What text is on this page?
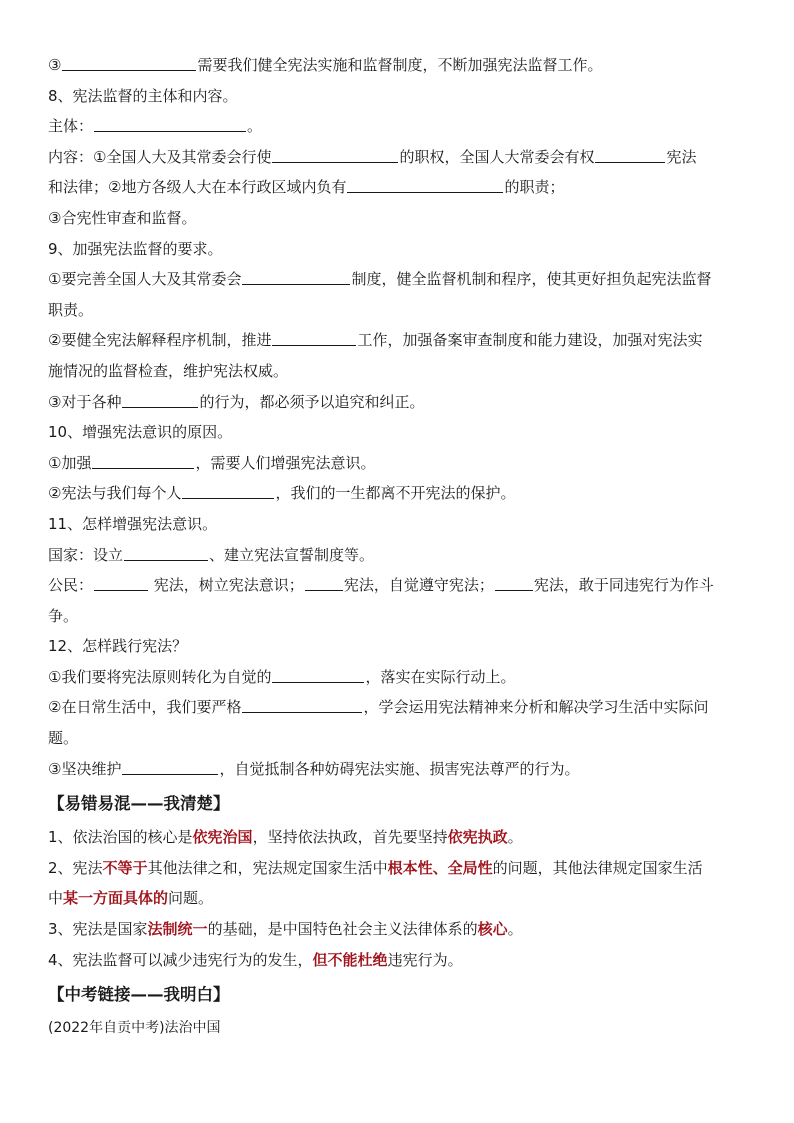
③	需要我们健全宪法实施和监督制度，不断加强宪法监督工作。
8、宪法监督的主体和内容。
主体：	。
内容：①全国人大及其常委会行使	的职权，全国人大常委会有权	宪法
和法律；②地方各级人大在本行政区域内负有	的职责；
③合宪性审查和监督。
9、加强宪法监督的要求。
①要完善全国人大及其常委会	制度，健全监督机制和程序，使其更好担负起宪法监督
职责。
②要健全宪法解释程序机制，推进	工作，加强备案审查制度和能力建设，加强对宪法实
施情况的监督检查，维护宪法权威。
③对于各种	的行为，都必须予以追究和纠正。
10、增强宪法意识的原因。
①加强	，需要人们增强宪法意识。
②宪法与我们每个人	，我们的一生都离不开宪法的保护。
11、怎样增强宪法意识。
国家：设立	、建立宪法宣誓制度等。
公民：	宪法，树立宪法意识；	宪法，自觉遵守宪法；	宪法，敢于同违宪行为作斗
争。
12、怎样践行宪法？
①我们要将宪法原则转化为自觉的	，落实在实际行动上。
②在日常生活中，我们要严格	，学会运用宪法精神来分析和解决学习生活中实际问
题。
③坚决维护	，自觉抵制各种妨碍宪法实施、损害宪法尊严的行为。
【易错易混——我清楚】
1、依法治国的核心是依宪治国，坚持依法执政，首先要坚持依宪执政。
2、宪法不等于其他法律之和，宪法规定国家生活中根本性、全局性的问题，其他法律规定国家生活
中某一方面具体的问题。
3、宪法是国家法制统一的基础，是中国特色社会主义法律体系的核心。
4、宪法监督可以减少违宪行为的发生，但不能杜绝违宪行为。
【中考链接——我明白】
(2022年自贡中考)法治中国
